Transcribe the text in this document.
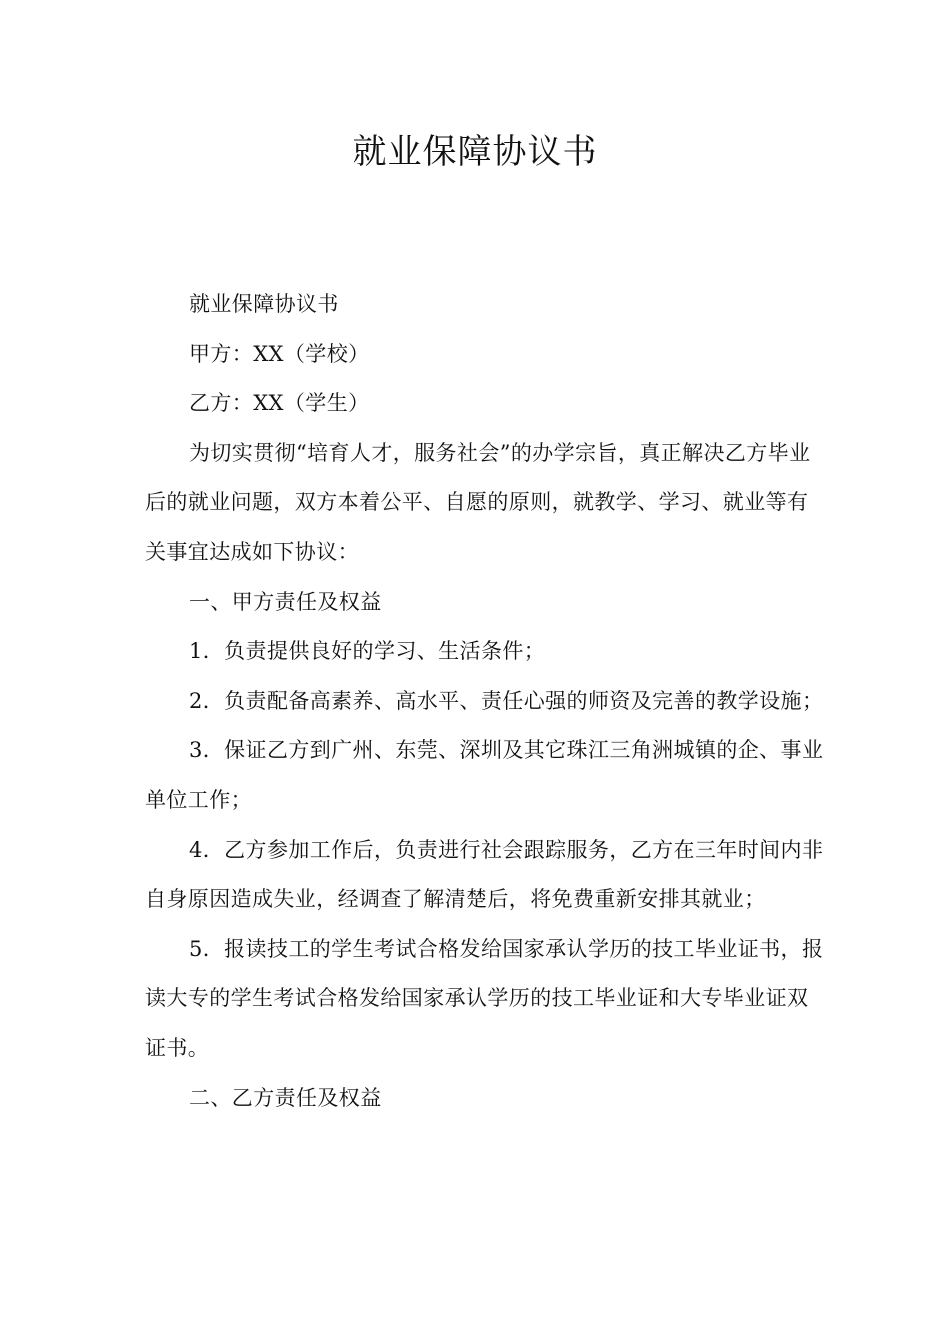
就业保障协议书

就业保障协议书

甲方：XX（学校）

乙方：XX（学生）

为切实贯彻“培育人才，服务社会”的办学宗旨，真正解决乙方毕业后的就业问题，双方本着公平、自愿的原则，就教学、学习、就业等有关事宜达成如下协议：

一、甲方责任及权益

1．负责提供良好的学习、生活条件；

2．负责配备高素养、高水平、责任心强的师资及完善的教学设施；

3．保证乙方到广州、东莞、深圳及其它珠江三角洲城镇的企、事业单位工作；

4．乙方参加工作后，负责进行社会跟踪服务，乙方在三年时间内非自身原因造成失业，经调查了解清楚后，将免费重新安排其就业；

5．报读技工的学生考试合格发给国家承认学历的技工毕业证书，报读大专的学生考试合格发给国家承认学历的技工毕业证和大专毕业证双证书。

二、乙方责任及权益
